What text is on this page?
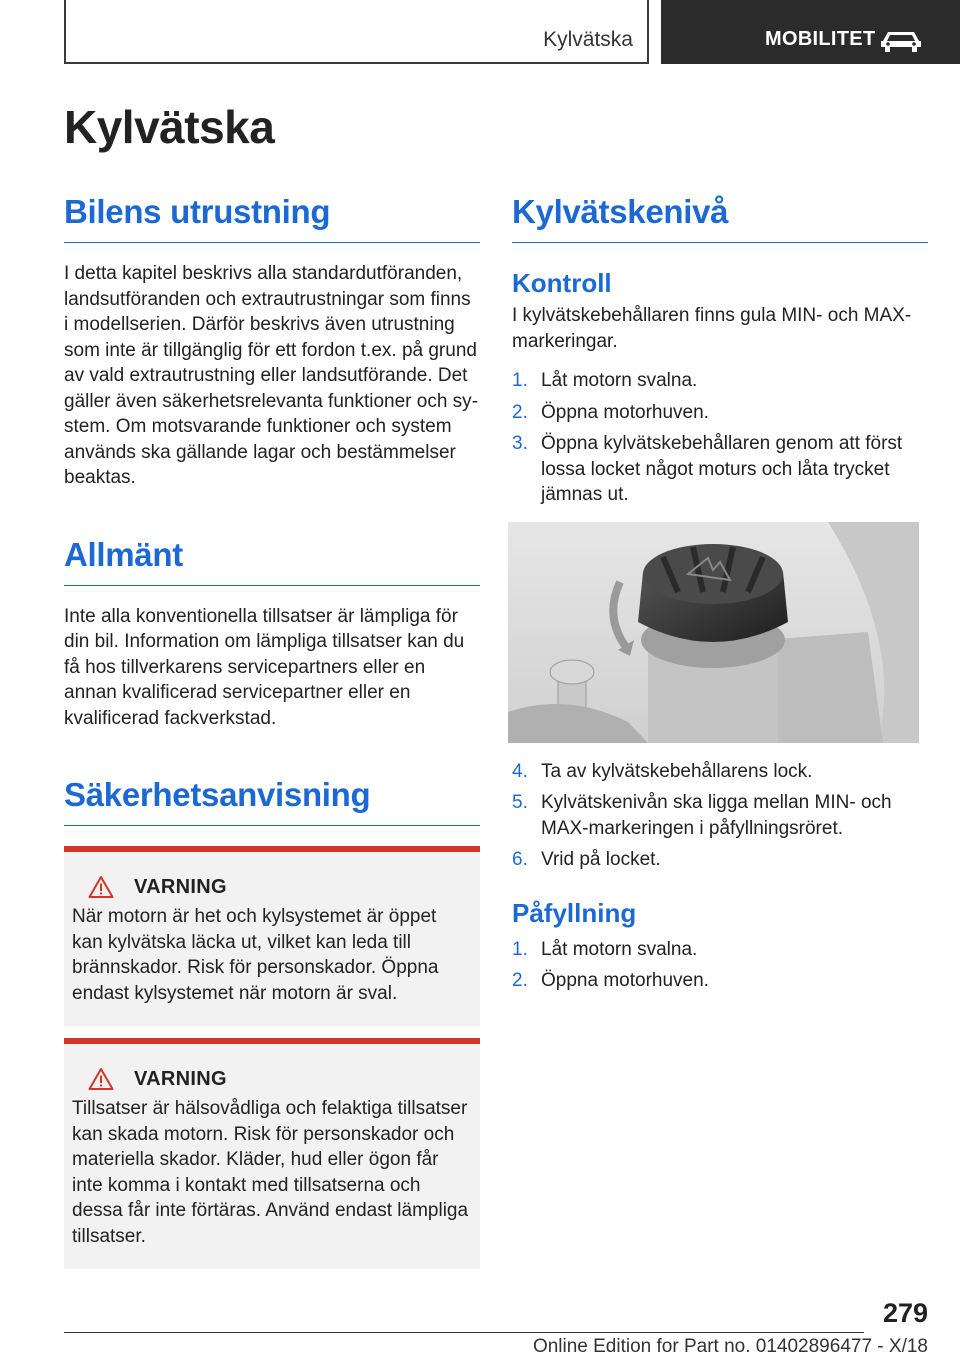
Kylvätska	MOBILITET
Kylvätska
Bilens utrustning

I detta kapitel beskrivs alla standardutföranden, landsutföranden och extrautrustningar som finns i modellserien. Därför beskrivs även utrustning som inte är tillgänglig för ett fordon t.ex. på grund av vald extrautrustning eller landsutförande. Det gäller även säkerhetsrelevanta funktioner och system. Om motsvarande funktioner och system används ska gällande lagar och bestämmelser beaktas.

Allmänt

Inte alla konventionella tillsatser är lämpliga för din bil. Information om lämpliga tillsatser kan du få hos tillverkarens servicepartners eller en annan kvalificerad servicepartner eller en kvalificerad fackverkstad.

Säkerhetsanvisning
VARNING

När motorn är het och kylsystemet är öppet kan kylvätska läcka ut, vilket kan leda till brännskador. Risk för personskador. Öppna endast kylsystemet när motorn är sval.

VARNING

Tillsatser är hälsovådliga och felaktiga tillsatser kan skada motorn. Risk för personskador och materiella skador. Kläder, hud eller ögon får inte komma i kontakt med tillsatserna och dessa får inte förtäras. Använd endast lämpliga tillsatser.

Kylvätskenivå
Kontroll

I kylvätskebehållaren finns gula MIN- och MAX-markeringar.

1. Låt motorn svalna.
2. Öppna motorhuven.
3. Öppna kylvätskebehållaren genom att först lossa locket något moturs och låta trycket jämnas ut.
4. Ta av kylvätskebehållarens lock.
5. Kylvätskenivån ska ligga mellan MIN- och MAX-markeringen i påfyllningsröret.
6. Vrid på locket.
Påfyllning
1. Låt motorn svalna.
2. Öppna motorhuven.
279
Online Edition for Part no. 01402896477 - X/18
